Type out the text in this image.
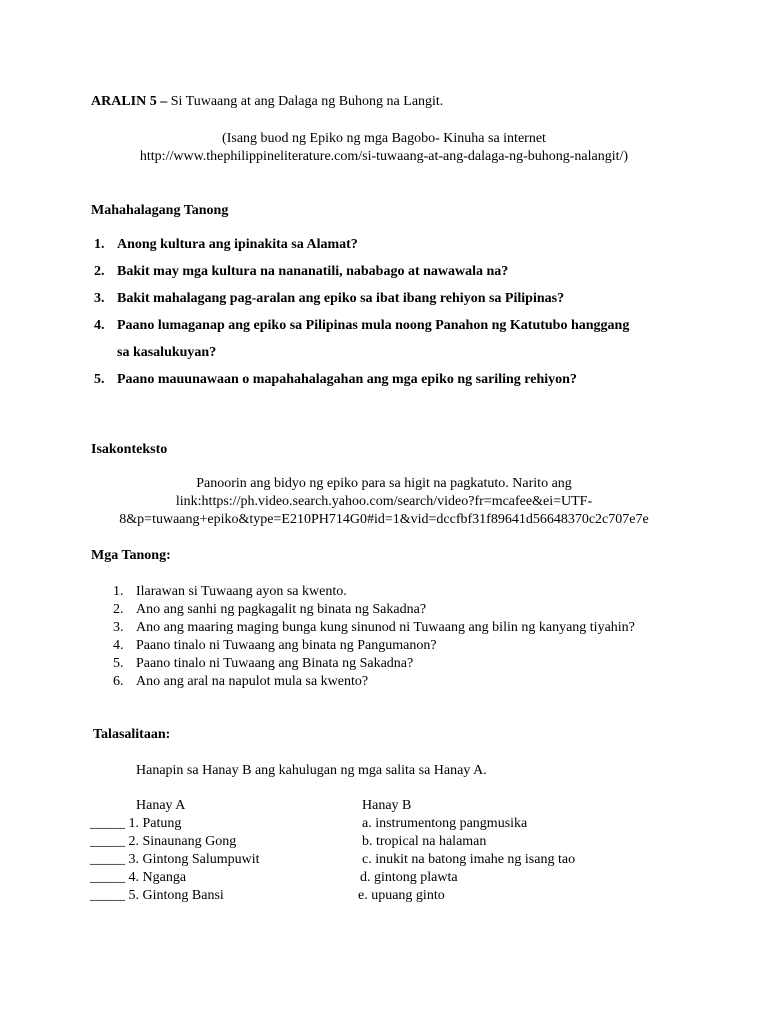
ARALIN 5 – Si Tuwaang at ang Dalaga ng Buhong na Langit.
(Isang buod ng Epiko ng mga Bagobo- Kinuha sa internet
http://www.thephilippineliterature.com/si-tuwaang-at-ang-dalaga-ng-buhong-nalangit/)
Mahahalagang Tanong
1. Anong kultura ang ipinakita sa Alamat?
2. Bakit may mga kultura na nananatili, nababago at nawawala na?
3. Bakit mahalagang pag-aralan ang epiko sa ibat ibang rehiyon sa Pilipinas?
4. Paano lumaganap ang epiko sa Pilipinas mula noong Panahon ng Katutubo hanggang
sa kasalukuyan?
5. Paano mauunawaan o mapahahalagahan ang mga epiko ng sariling rehiyon?
Isakonteksto
Panoorin ang bidyo ng epiko para sa higit na pagkatuto. Narito ang
link:https://ph.video.search.yahoo.com/search/video?fr=mcafee&ei=UTF-
8&p=tuwaang+epiko&type=E210PH714G0#id=1&vid=dccfbf31f89641d56648370c2c707e7e
Mga Tanong:
1. Ilarawan si Tuwaang ayon sa kwento.
2. Ano ang sanhi ng pagkagalit ng binata ng Sakadna?
3. Ano ang maaring maging bunga kung sinunod ni Tuwaang ang bilin ng kanyang tiyahin?
4. Paano tinalo ni Tuwaang ang binata ng Pangumanon?
5. Paano tinalo ni Tuwaang ang Binata ng Sakadna?
6. Ano ang aral na napulot mula sa kwento?
Talasalitaan:
Hanapin sa Hanay B ang kahulugan ng mga salita sa Hanay A.
Hanay A	Hanay B
_____ 1. Patung	a. instrumentong pangmusika
_____ 2. Sinaunang Gong	b. tropical na halaman
_____ 3. Gintong Salumpuwit	c. inukit na batong imahe ng isang tao
_____ 4. Nganga	d. gintong plawta
_____ 5. Gintong Bansi	e. upuang ginto
